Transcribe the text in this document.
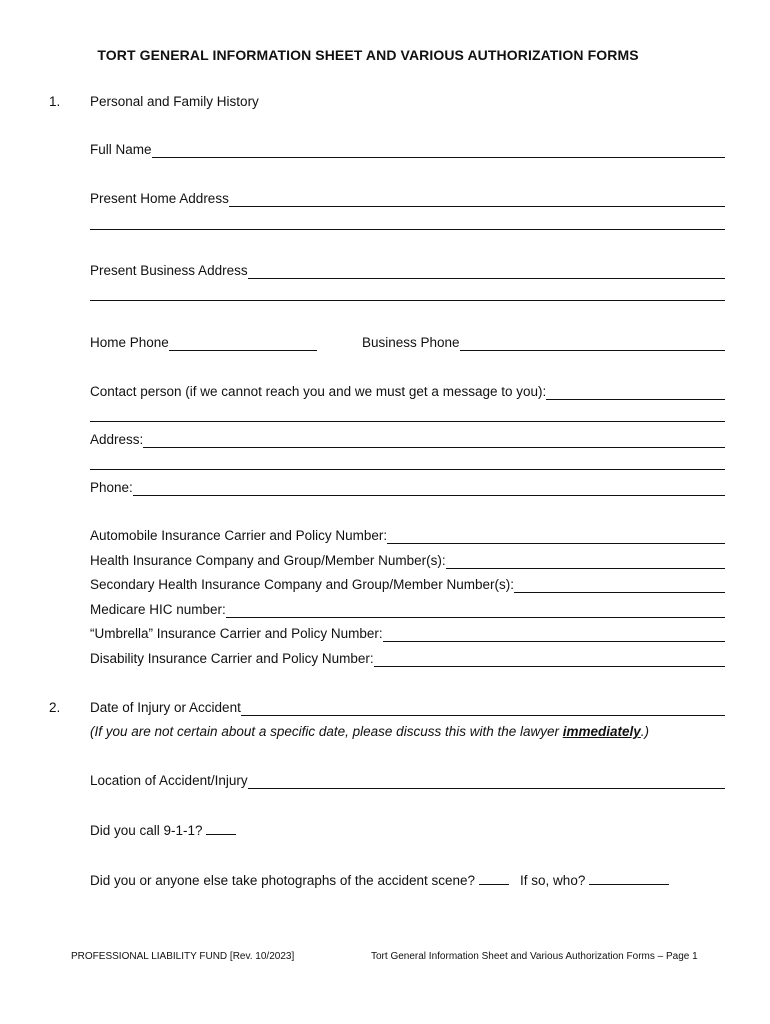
TORT GENERAL INFORMATION SHEET AND VARIOUS AUTHORIZATION FORMS
1. Personal and Family History
Full Name
Present Home Address
Present Business Address
Home Phone	Business Phone
Contact person (if we cannot reach you and we must get a message to you):
Address:
Phone:
Automobile Insurance Carrier and Policy Number:
Health Insurance Company and Group/Member Number(s):
Secondary Health Insurance Company and Group/Member Number(s):
Medicare HIC number:
“Umbrella” Insurance Carrier and Policy Number:
Disability Insurance Carrier and Policy Number:
2. Date of Injury or Accident
(If you are not certain about a specific date, please discuss this with the lawyer immediately.)
Location of Accident/Injury
Did you call 9-1-1?
Did you or anyone else take photographs of the accident scene?	If so, who?
PROFESSIONAL LIABILITY FUND [Rev. 10/2023]	Tort General Information Sheet and Various Authorization Forms – Page 1
